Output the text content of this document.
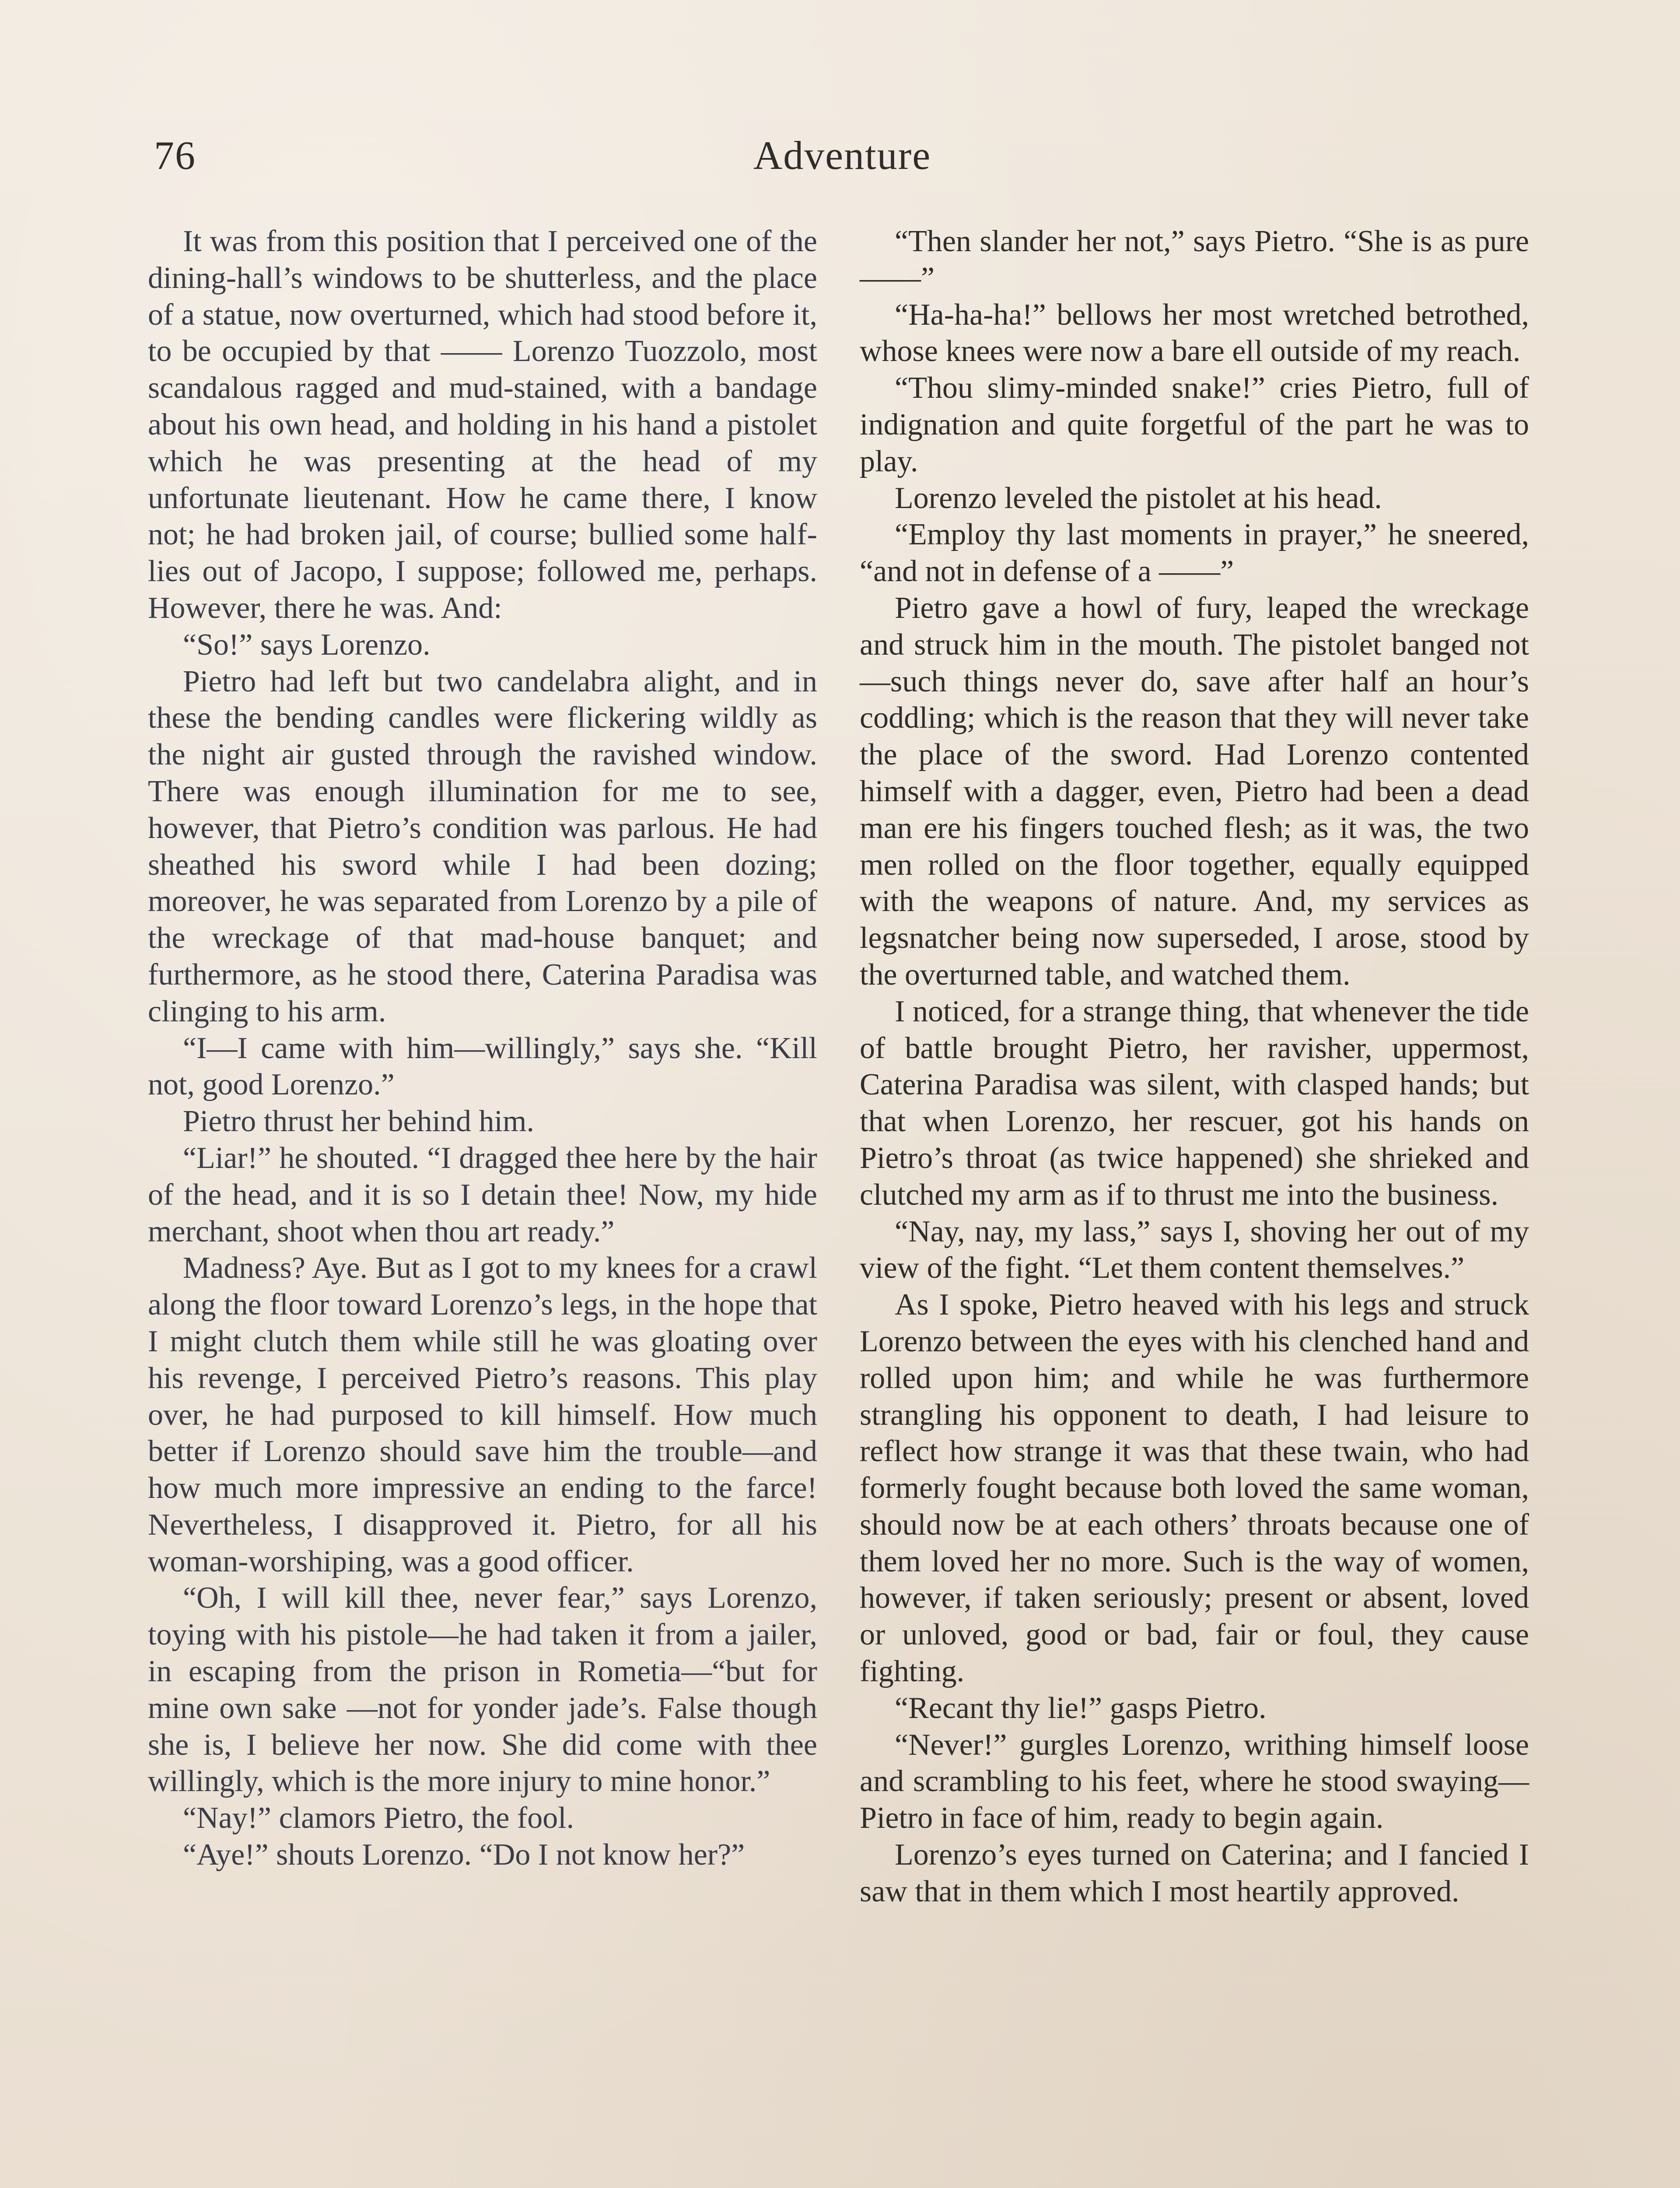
76	Adventure

It was from this position that I perceived one of the dining-hall’s windows to be shutterless, and the place of a statue, now overturned, which had stood before it, to be occupied by that —— Lorenzo Tuozzolo, most scandalous ragged and mud-stained, with a bandage about his own head, and holding in his hand a pistolet which he was presenting at the head of my unfortunate lieutenant. How he came there, I know not; he had broken jail, of course; bullied some half-lies out of Jacopo, I suppose; followed me, perhaps. However, there he was. And:

“So!” says Lorenzo.

Pietro had left but two candelabra alight, and in these the bending candles were flickering wildly as the night air gusted through the ravished window. There was enough illumination for me to see, however, that Pietro’s condition was parlous. He had sheathed his sword while I had been dozing; moreover, he was separated from Lorenzo by a pile of the wreckage of that mad-house banquet; and furthermore, as he stood there, Caterina Paradisa was clinging to his arm.

“I—I came with him—willingly,” says she. “Kill not, good Lorenzo.”

Pietro thrust her behind him.

“Liar!” he shouted. “I dragged thee here by the hair of the head, and it is so I detain thee! Now, my hide merchant, shoot when thou art ready.”

Madness? Aye. But as I got to my knees for a crawl along the floor toward Lorenzo’s legs, in the hope that I might clutch them while still he was gloating over his revenge, I perceived Pietro’s reasons. This play over, he had purposed to kill himself. How much better if Lorenzo should save him the trouble—and how much more impressive an ending to the farce! Nevertheless, I disapproved it. Pietro, for all his woman-worshiping, was a good officer.

“Oh, I will kill thee, never fear,” says Lorenzo, toying with his pistole—he had taken it from a jailer, in escaping from the prison in Rometia—“but for mine own sake —not for yonder jade’s. False though she is, I believe her now. She did come with thee willingly, which is the more injury to mine honor.”

“Nay!” clamors Pietro, the fool.

“Aye!” shouts Lorenzo. “Do I not know her?”

“Then slander her not,” says Pietro. “She is as pure——”

“Ha-ha-ha!” bellows her most wretched betrothed, whose knees were now a bare ell outside of my reach.

“Thou slimy-minded snake!” cries Pietro, full of indignation and quite forgetful of the part he was to play.

Lorenzo leveled the pistolet at his head.

“Employ thy last moments in prayer,” he sneered, “and not in defense of a ——”

Pietro gave a howl of fury, leaped the wreckage and struck him in the mouth. The pistolet banged not—such things never do, save after half an hour’s coddling; which is the reason that they will never take the place of the sword. Had Lorenzo contented himself with a dagger, even, Pietro had been a dead man ere his fingers touched flesh; as it was, the two men rolled on the floor together, equally equipped with the weapons of nature. And, my services as legsnatcher being now superseded, I arose, stood by the overturned table, and watched them.

I noticed, for a strange thing, that whenever the tide of battle brought Pietro, her ravisher, uppermost, Caterina Paradisa was silent, with clasped hands; but that when Lorenzo, her rescuer, got his hands on Pietro’s throat (as twice happened) she shrieked and clutched my arm as if to thrust me into the business.

“Nay, nay, my lass,” says I, shoving her out of my view of the fight. “Let them content themselves.”

As I spoke, Pietro heaved with his legs and struck Lorenzo between the eyes with his clenched hand and rolled upon him; and while he was furthermore strangling his opponent to death, I had leisure to reflect how strange it was that these twain, who had formerly fought because both loved the same woman, should now be at each others’ throats because one of them loved her no more. Such is the way of women, however, if taken seriously; present or absent, loved or unloved, good or bad, fair or foul, they cause fighting.

“Recant thy lie!” gasps Pietro.

“Never!” gurgles Lorenzo, writhing himself loose and scrambling to his feet, where he stood swaying—Pietro in face of him, ready to begin again.

Lorenzo’s eyes turned on Caterina; and I fancied I saw that in them which I most heartily approved.
